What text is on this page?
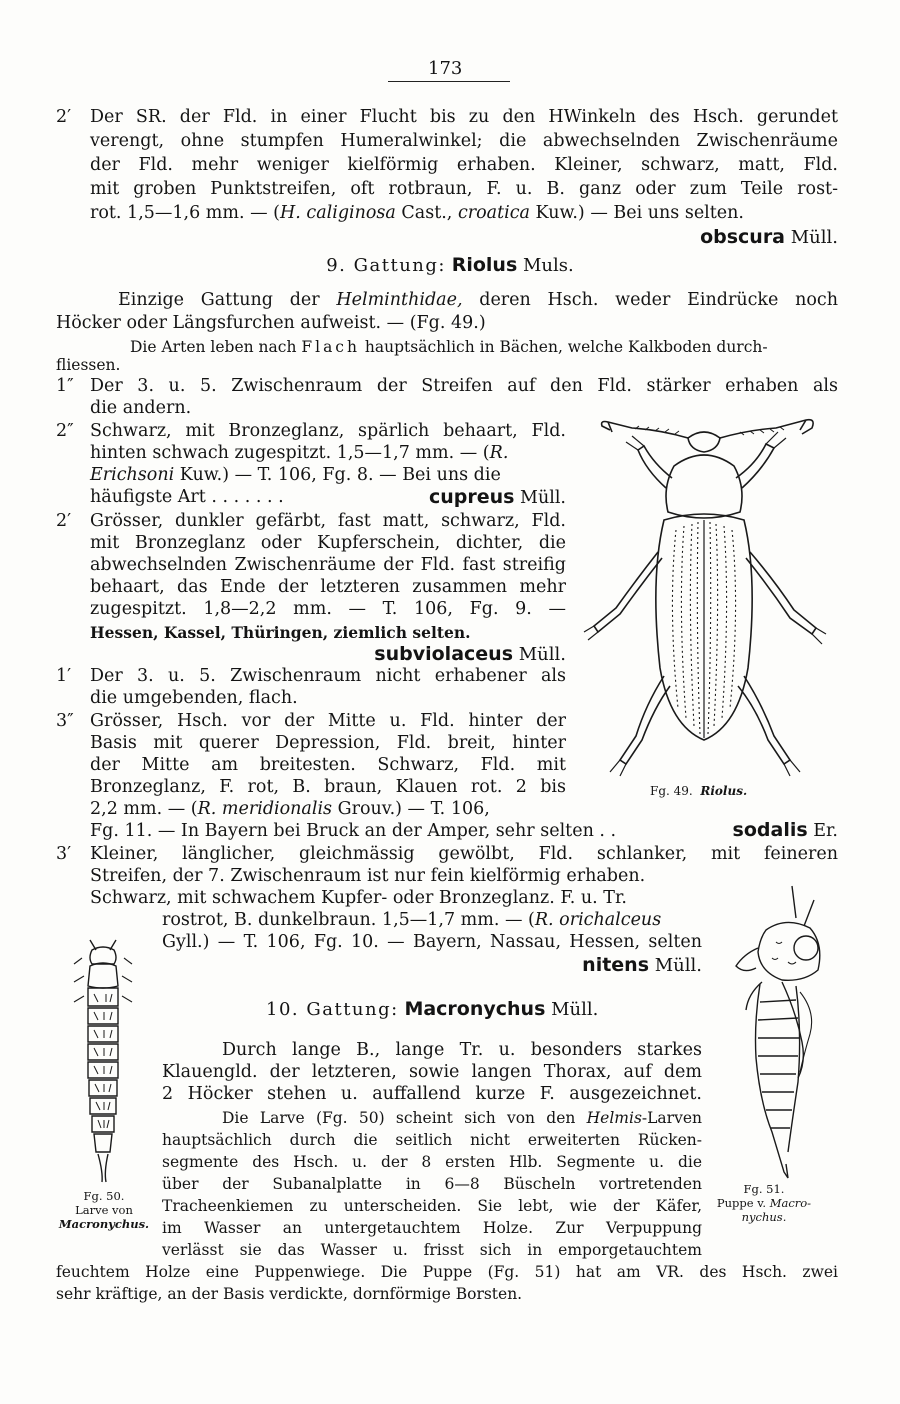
173
2′ Der SR. der Fld. in einer Flucht bis zu den HWinkeln des Hsch. gerundet
verengt, ohne stumpfen Humeralwinkel; die abwechselnden Zwischenräume
der Fld. mehr weniger kielförmig erhaben. Kleiner, schwarz, matt, Fld.
mit groben Punktstreifen, oft rotbraun, F. u. B. ganz oder zum Teile rost-
rot. 1,5—1,6 mm. — (H. caliginosa Cast., croatica Kuw.) — Bei uns selten.
obscura Müll.
9. Gattung: Riolus Muls.
Einzige Gattung der Helminthidae, deren Hsch. weder Eindrücke noch
Höcker oder Längsfurchen aufweist. — (Fg. 49.)
Die Arten leben nach Flach hauptsächlich in Bächen, welche Kalkboden durch-
fliessen.
1″ Der 3. u. 5. Zwischenraum der Streifen auf den Fld. stärker erhaben als
die andern.
2″ Schwarz, mit Bronzeglanz, spärlich behaart, Fld.
hinten schwach zugespitzt. 1,5—1,7 mm. — (R.
Erichsoni Kuw.) — T. 106, Fg. 8. — Bei uns die
häufigste Art . . . . . . .	cupreus Müll.
2′ Grösser, dunkler gefärbt, fast matt, schwarz, Fld.
mit Bronzeglanz oder Kupferschein, dichter, die
abwechselnden Zwischenräume der Fld. fast streifig
behaart, das Ende der letzteren zusammen mehr
zugespitzt. 1,8—2,2 mm. — T. 106, Fg. 9. —
Hessen, Kassel, Thüringen, ziemlich selten.
subviolaceus Müll.
1′ Der 3. u. 5. Zwischenraum nicht erhabener als
die umgebenden, flach.
3″ Grösser, Hsch. vor der Mitte u. Fld. hinter der
Basis mit querer Depression, Fld. breit, hinter
der Mitte am breitesten. Schwarz, Fld. mit
Bronzeglanz, F. rot, B. braun, Klauen rot. 2 bis
2,2 mm. — (R. meridionalis Grouv.) — T. 106,
Fg. 11. — In Bayern bei Bruck an der Amper, sehr selten . .	sodalis Er.
3′ Kleiner, länglicher, gleichmässig gewölbt, Fld. schlanker, mit feineren
Streifen, der 7. Zwischenraum ist nur fein kielförmig erhaben.
Schwarz, mit schwachem Kupfer- oder Bronzeglanz. F. u. Tr.
rostrot, B. dunkelbraun. 1,5—1,7 mm. — (R. orichalceus
Gyll.) — T. 106, Fg. 10. — Bayern, Nassau, Hessen, selten
nitens Müll.
10. Gattung: Macronychus Müll.
Durch lange B., lange Tr. u. besonders starkes
Klauengld. der letzteren, sowie langen Thorax, auf dem
2 Höcker stehen u. auffallend kurze F. ausgezeichnet.
Die Larve (Fg. 50) scheint sich von den Helmis-Larven
hauptsächlich durch die seitlich nicht erweiterten Rücken-
segmente des Hsch. u. der 8 ersten Hlb. Segmente u. die
über der Subanalplatte in 6—8 Büscheln vortretenden
Tracheenkiemen zu unterscheiden. Sie lebt, wie der Käfer,
im Wasser an untergetauchtem Holze. Zur Verpuppung
verlässt sie das Wasser u. frisst sich in emporgetauchtem
feuchtem Holze eine Puppenwiege. Die Puppe (Fg. 51) hat am VR. des Hsch. zwei
sehr kräftige, an der Basis verdickte, dornförmige Borsten.
Fg. 49. Riolus.
Fg. 50.
Larve von
Macronychus.
Fg. 51.
Puppe v. Macro-
nychus.
